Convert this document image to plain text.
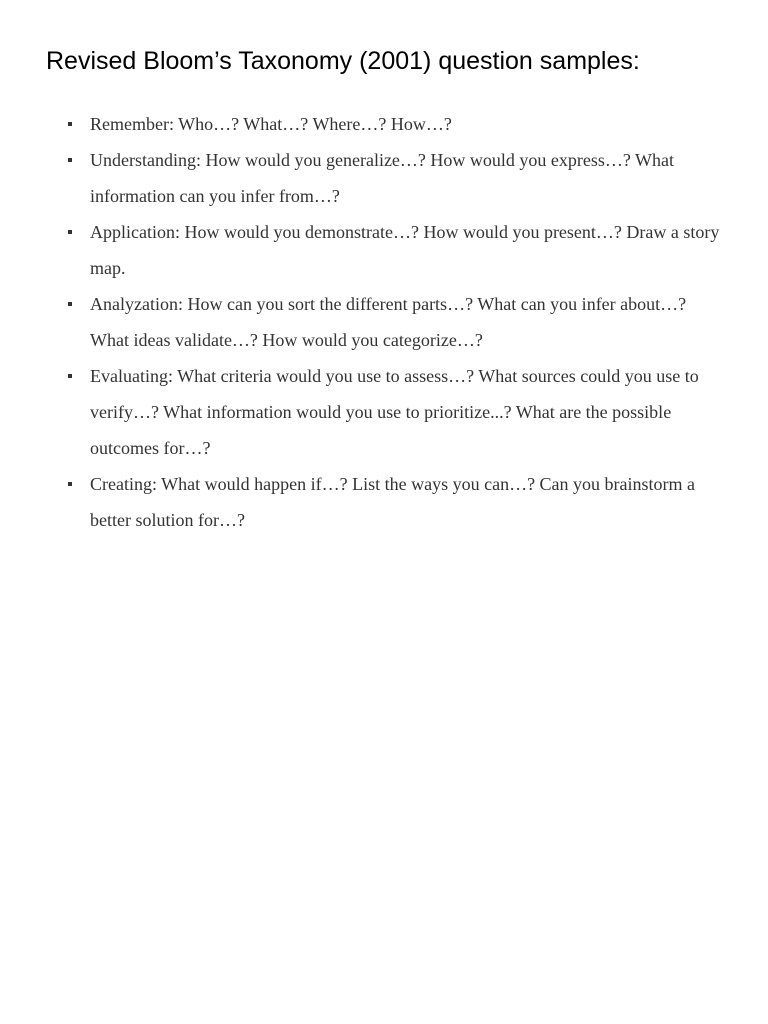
Revised Bloom’s Taxonomy (2001) question samples:
Remember: Who…? What…? Where…? How…?
Understanding: How would you generalize…? How would you express…? What information can you infer from…?
Application: How would you demonstrate…? How would you present…? Draw a story map.
Analyzation: How can you sort the different parts…? What can you infer about…? What ideas validate…? How would you categorize…?
Evaluating: What criteria would you use to assess…? What sources could you use to verify…? What information would you use to prioritize...? What are the possible outcomes for…?
Creating: What would happen if…? List the ways you can…? Can you brainstorm a better solution for…?
